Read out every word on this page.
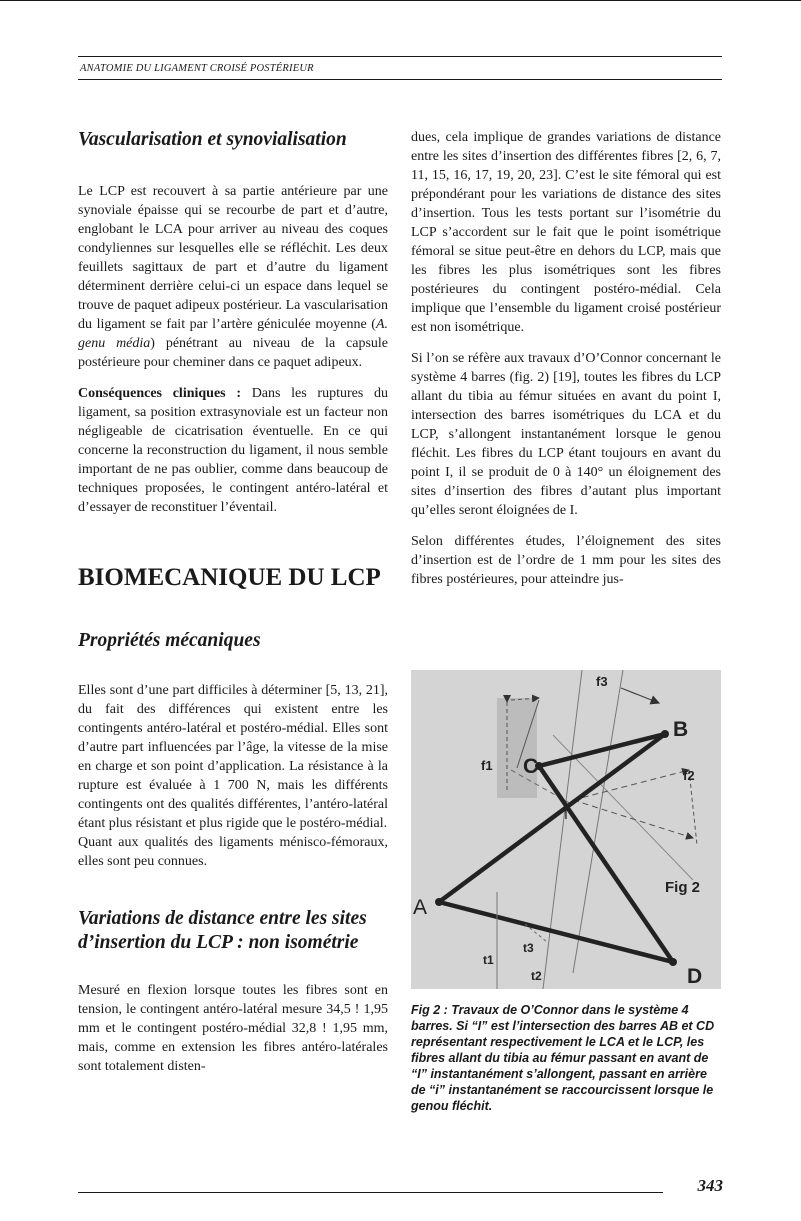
ANATOMIE DU LIGAMENT CROISÉ POSTÉRIEUR
Vascularisation et synovialisation

Le LCP est recouvert à sa partie antérieure par une synoviale épaisse qui se recourbe de part et d’autre, englobant le LCA pour arriver au niveau des coques condyliennes sur lesquelles elle se réfléchit. Les deux feuillets sagittaux de part et d’autre du ligament déterminent derrière celui-ci un espace dans lequel se trouve de paquet adipeux postérieur. La vascularisation du ligament se fait par l’artère géniculée moyenne (A. genu média) pénétrant au niveau de la capsule postérieure pour cheminer dans ce paquet adipeux.

Conséquences cliniques : Dans les ruptures du ligament, sa position extrasynoviale est un facteur non négligeable de cicatrisation éventuelle. En ce qui concerne la reconstruction du ligament, il nous semble important de ne pas oublier, comme dans beaucoup de techniques proposées, le contingent antéro-latéral et d’essayer de reconstituer l’éventail.

BIOMECANIQUE DU LCP
Propriétés mécaniques

Elles sont d’une part difficiles à déterminer [5, 13, 21], du fait des différences qui existent entre les contingents antéro-latéral et postéro-médial. Elles sont d’autre part influencées par l’âge, la vitesse de la mise en charge et son point d’application. La résistance à la rupture est évaluée à 1 700 N, mais les différents contingents ont des qualités différentes, l’antéro-latéral étant plus résistant et plus rigide que le postéro-médial.

Quant aux qualités des ligaments ménisco-fémoraux, elles sont peu connues.

Variations de distance entre les sites d’insertion du LCP : non isométrie

Mesuré en flexion lorsque toutes les fibres sont en tension, le contingent antéro-latéral mesure 34,5 ! 1,95 mm et le contingent postéro-médial 32,8 ! 1,95 mm, mais, comme en extension les fibres antéro-latérales sont totalement disten-

dues, cela implique de grandes variations de distance entre les sites d’insertion des différentes fibres [2, 6, 7, 11, 15, 16, 17, 19, 20, 23]. C’est le site fémoral qui est prépondérant pour les variations de distance des sites d’insertion. Tous les tests portant sur l’isométrie du LCP s’accordent sur le fait que le point isométrique fémoral se situe peut-être en dehors du LCP, mais que les fibres les plus isométriques sont les fibres postérieures du contingent postéro-médial. Cela implique que l’ensemble du ligament croisé postérieur est non isométrique.

Si l’on se réfère aux travaux d’O’Connor concernant le système 4 barres (fig. 2) [19], toutes les fibres du LCP allant du tibia au fémur situées en avant du point I, intersection des barres isométriques du LCA et du LCP, s’allongent instantanément lorsque le genou fléchit. Les fibres du LCP étant toujours en avant du point I, il se produit de 0 à 140° un éloignement des sites d’insertion des fibres d’autant plus important qu’elles seront éloignées de I.

Selon différentes études, l’éloignement des sites d’insertion est de l’ordre de 1 mm pour les sites des fibres postérieures, pour atteindre jus-

A
B
C
D
I
f1
f2
f3
t1
t2
t3
Fig 2
Fig 2 : Travaux de O’Connor dans le système 4 barres. Si “I” est l’intersection des barres AB et CD représentant respectivement le LCA et le LCP, les fibres allant du tibia au fémur passant en avant de “I” instantanément s’allongent, passant en arrière de “i” instantanément se raccourcissent lorsque le genou fléchit.
343
